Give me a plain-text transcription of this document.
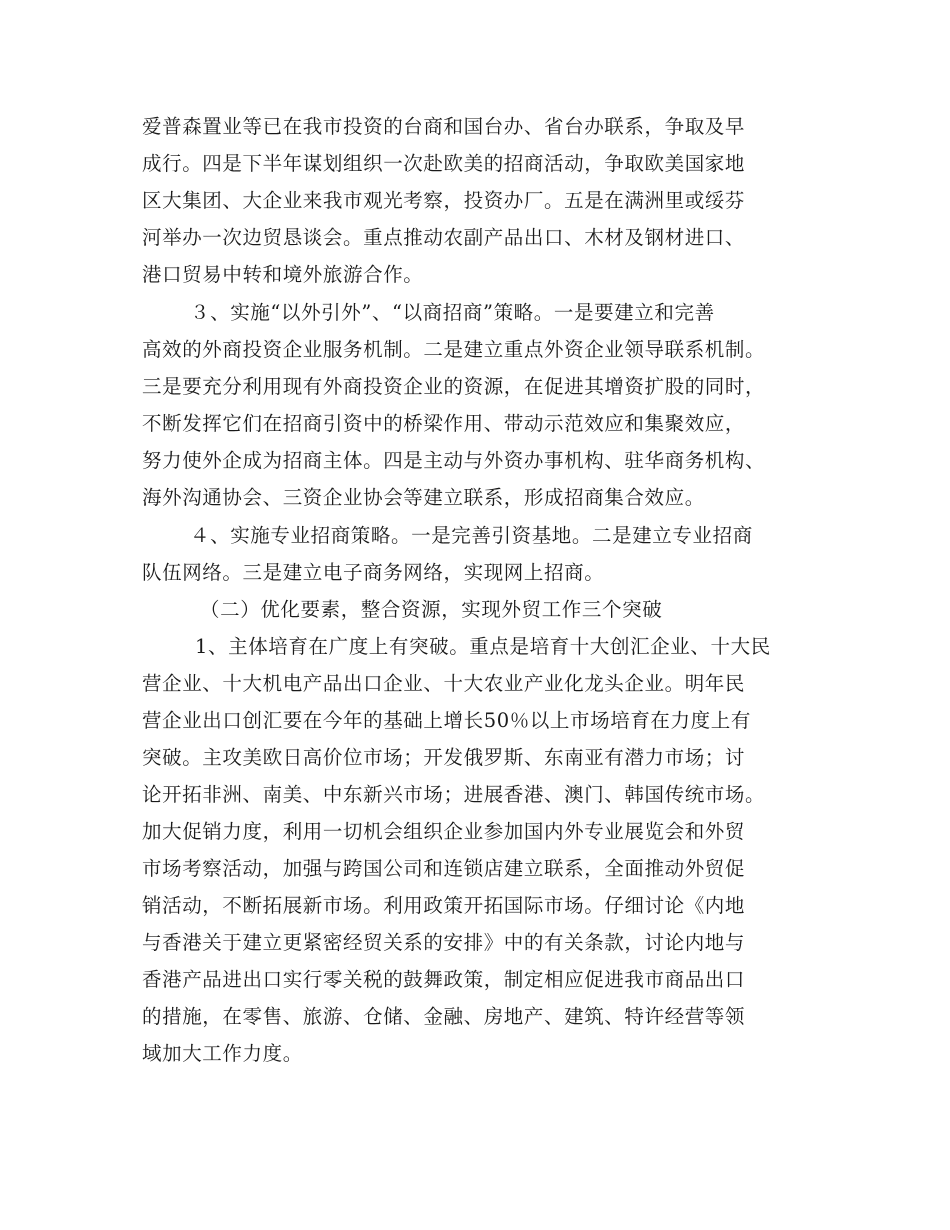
爱普森置业等已在我市投资的台商和国台办、省台办联系，争取及早
成行。四是下半年谋划组织一次赴欧美的招商活动，争取欧美国家地
区大集团、大企业来我市观光考察，投资办厂。五是在满洲里或绥芬
河举办一次边贸恳谈会。重点推动农副产品出口、木材及钢材进口、
港口贸易中转和境外旅游合作。
３、实施“以外引外”、“以商招商”策略。一是要建立和完善
高效的外商投资企业服务机制。二是建立重点外资企业领导联系机制。
三是要充分利用现有外商投资企业的资源，在促进其增资扩股的同时，
不断发挥它们在招商引资中的桥梁作用、带动示范效应和集聚效应，
努力使外企成为招商主体。四是主动与外资办事机构、驻华商务机构、
海外沟通协会、三资企业协会等建立联系，形成招商集合效应。
４、实施专业招商策略。一是完善引资基地。二是建立专业招商
队伍网络。三是建立电子商务网络，实现网上招商。
（二）优化要素，整合资源，实现外贸工作三个突破
1、主体培育在广度上有突破。重点是培育十大创汇企业、十大民
营企业、十大机电产品出口企业、十大农业产业化龙头企业。明年民
营企业出口创汇要在今年的基础上增长50％以上市场培育在力度上有
突破。主攻美欧日高价位市场；开发俄罗斯、东南亚有潜力市场；讨
论开拓非洲、南美、中东新兴市场；进展香港、澳门、韩国传统市场。
加大促销力度，利用一切机会组织企业参加国内外专业展览会和外贸
市场考察活动，加强与跨国公司和连锁店建立联系，全面推动外贸促
销活动，不断拓展新市场。利用政策开拓国际市场。仔细讨论《内地
与香港关于建立更紧密经贸关系的安排》中的有关条款，讨论内地与
香港产品进出口实行零关税的鼓舞政策，制定相应促进我市商品出口
的措施，在零售、旅游、仓储、金融、房地产、建筑、特许经营等领
域加大工作力度。
